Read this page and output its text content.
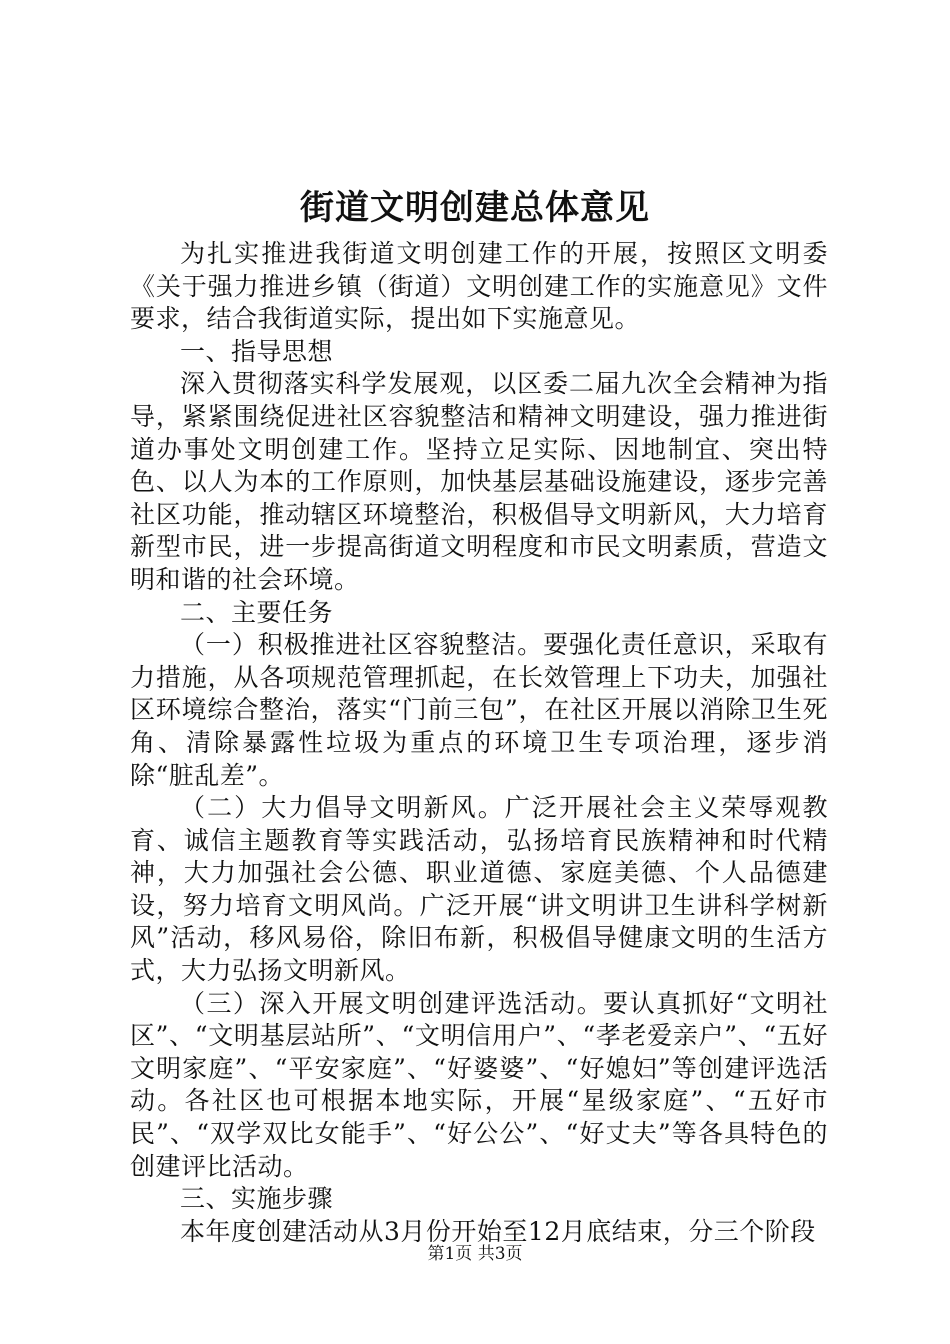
街道文明创建总体意见

为扎实推进我街道文明创建工作的开展，按照区文明委《关于强力推进乡镇（街道）文明创建工作的实施意见》文件要求，结合我街道实际，提出如下实施意见。

一、指导思想

深入贯彻落实科学发展观，以区委二届九次全会精神为指导，紧紧围绕促进社区容貌整洁和精神文明建设，强力推进街道办事处文明创建工作。坚持立足实际、因地制宜、突出特色、以人为本的工作原则，加快基层基础设施建设，逐步完善社区功能，推动辖区环境整治，积极倡导文明新风，大力培育新型市民，进一步提高街道文明程度和市民文明素质，营造文明和谐的社会环境。

二、主要任务

（一）积极推进社区容貌整洁。要强化责任意识，采取有力措施，从各项规范管理抓起，在长效管理上下功夫，加强社区环境综合整治，落实“门前三包”，在社区开展以消除卫生死角、清除暴露性垃圾为重点的环境卫生专项治理，逐步消除“脏乱差”。

（二）大力倡导文明新风。广泛开展社会主义荣辱观教育、诚信主题教育等实践活动，弘扬培育民族精神和时代精神，大力加强社会公德、职业道德、家庭美德、个人品德建设，努力培育文明风尚。广泛开展“讲文明讲卫生讲科学树新风”活动，移风易俗，除旧布新，积极倡导健康文明的生活方式，大力弘扬文明新风。

（三）深入开展文明创建评选活动。要认真抓好“文明社区”、“文明基层站所”、“文明信用户”、“孝老爱亲户”、“五好文明家庭”、“平安家庭”、“好婆婆”、“好媳妇”等创建评选活动。各社区也可根据本地实际，开展“星级家庭”、“五好市民”、“双学双比女能手”、“好公公”、“好丈夫”等各具特色的创建评比活动。

三、实施步骤

本年度创建活动从3月份开始至12月底结束，分三个阶段

第1页 共3页
